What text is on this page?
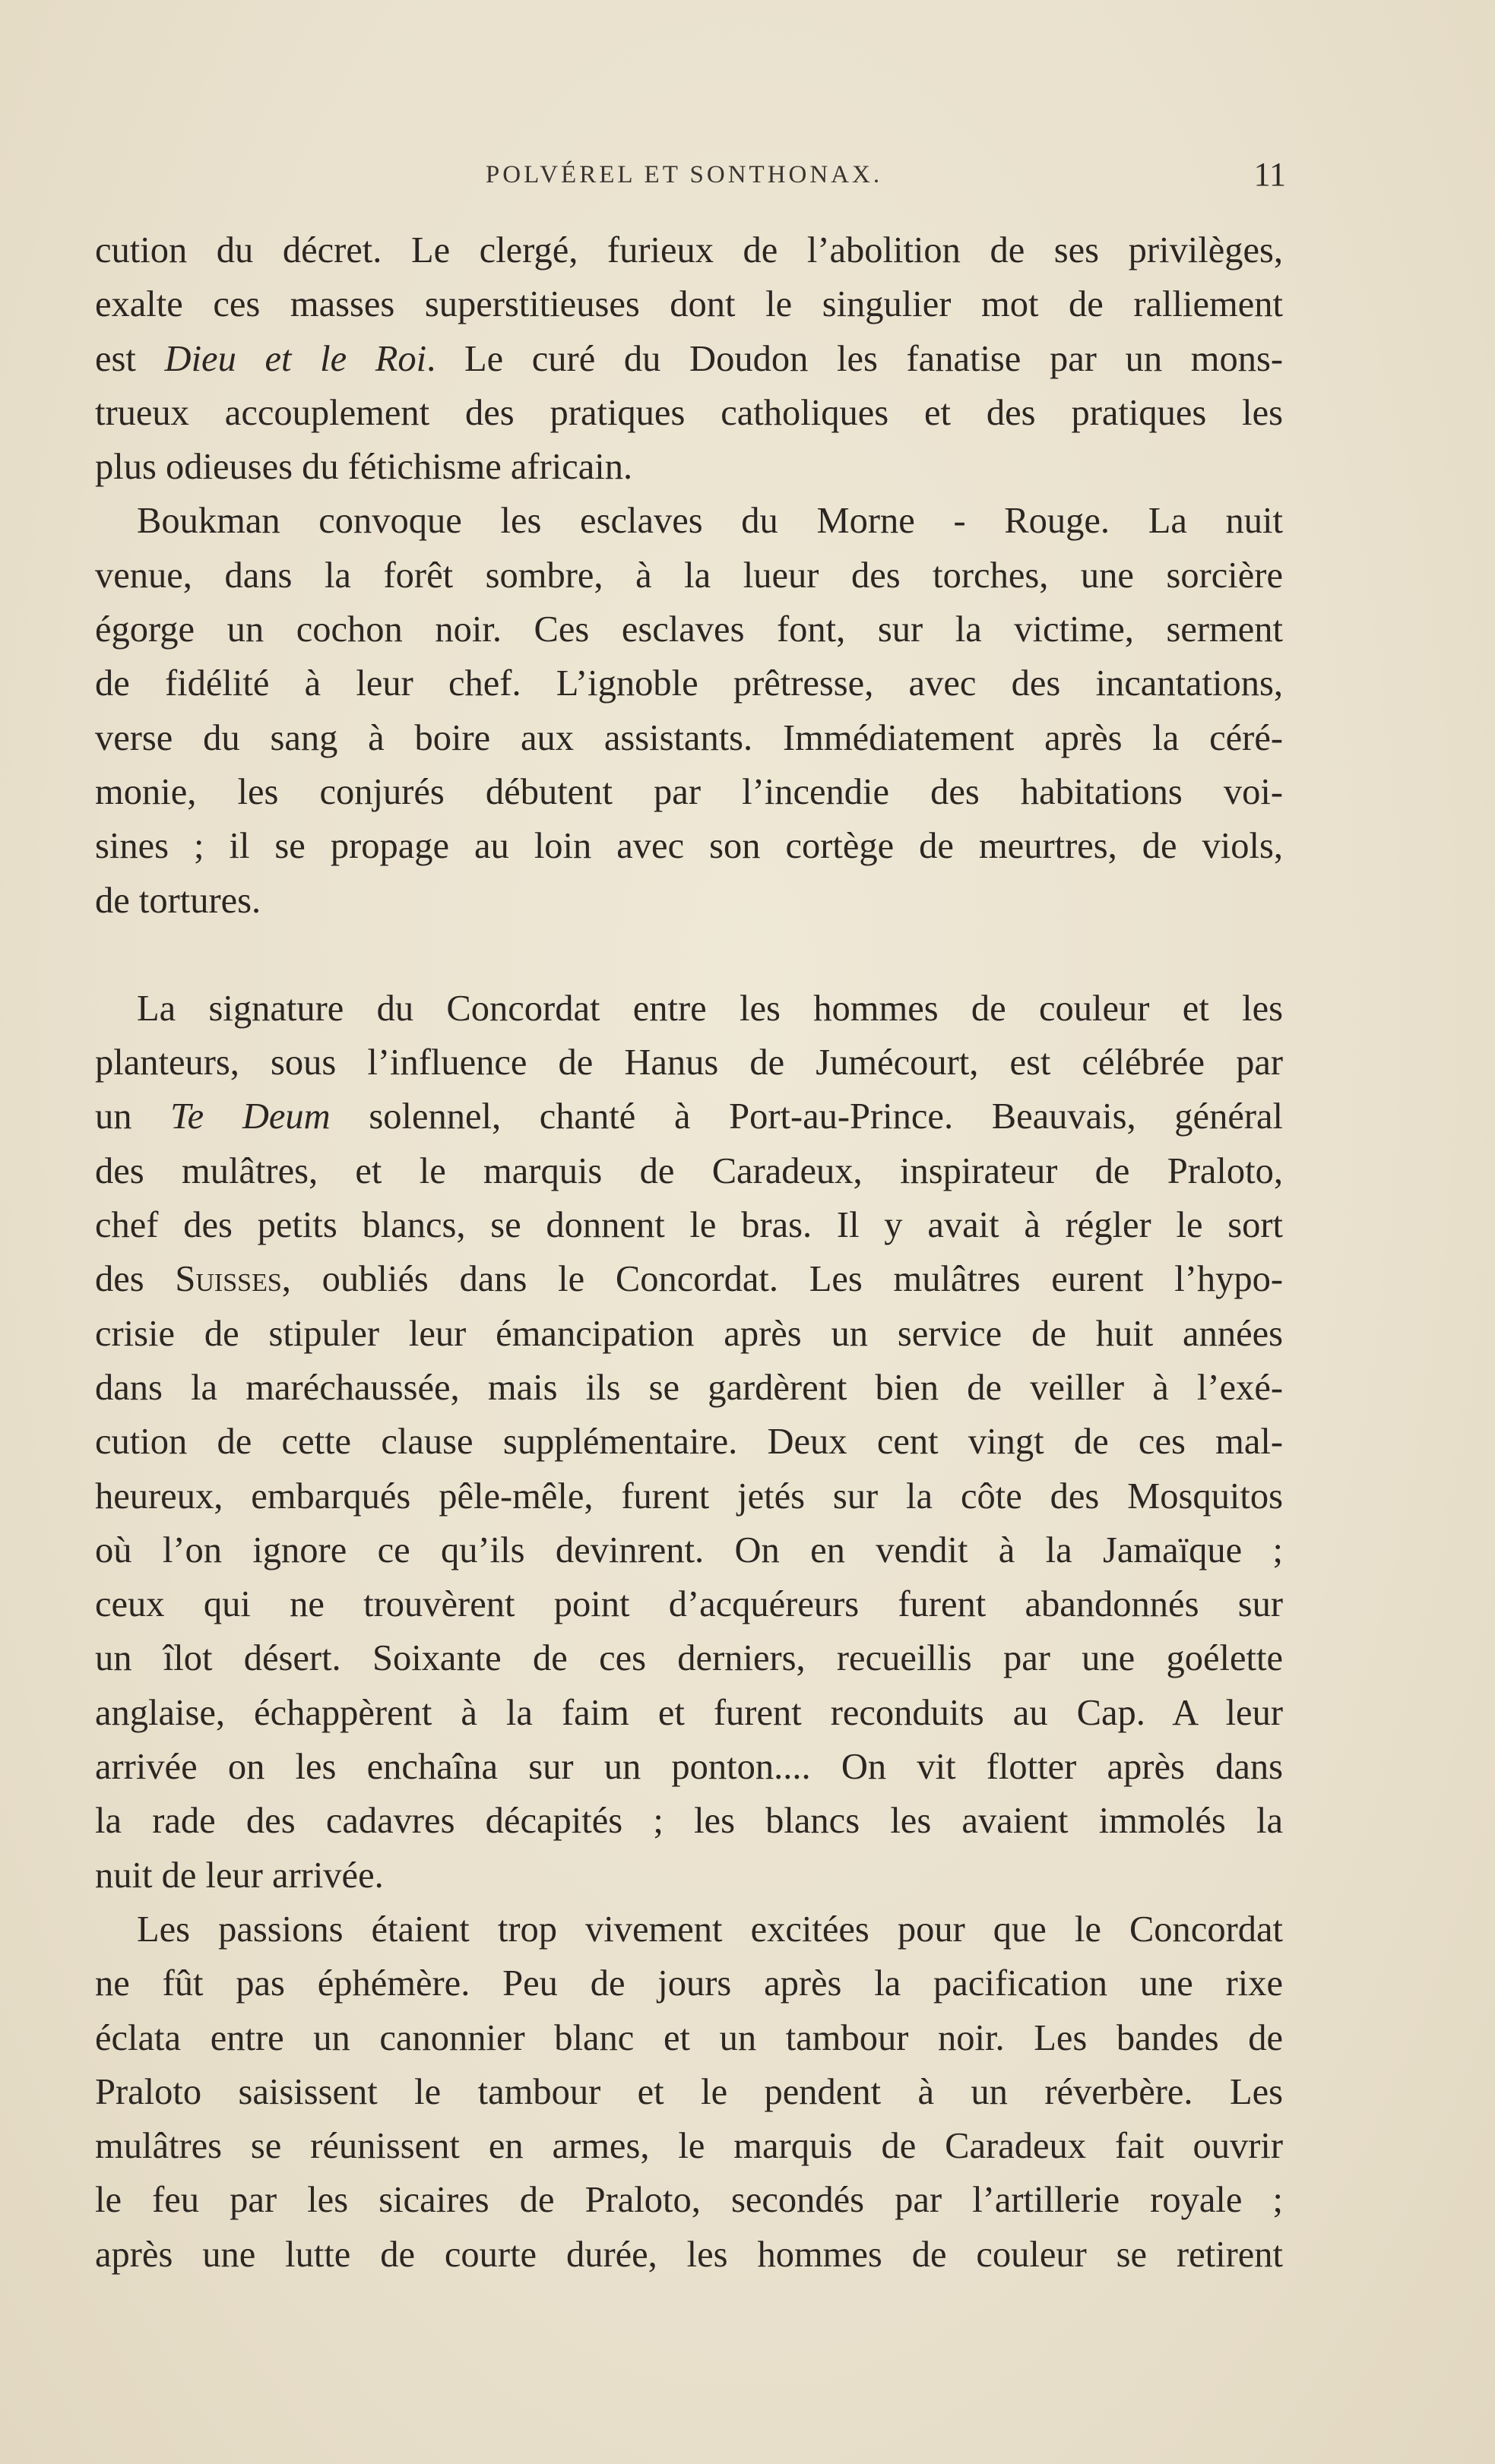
POLVÉREL ET SONTHONAX.	11
cution du décret. Le clergé, furieux de l’abolition de ses privilèges,
exalte ces masses superstitieuses dont le singulier mot de ralliement
est Dieu et le Roi. Le curé du Doudon les fanatise par un mons-
trueux accouplement des pratiques catholiques et des pratiques les
plus odieuses du fétichisme africain.
Boukman convoque les esclaves du Morne - Rouge. La nuit
venue, dans la forêt sombre, à la lueur des torches, une sorcière
égorge un cochon noir. Ces esclaves font, sur la victime, serment
de fidélité à leur chef. L’ignoble prêtresse, avec des incantations,
verse du sang à boire aux assistants. Immédiatement après la céré-
monie, les conjurés débutent par l’incendie des habitations voi-
sines ; il se propage au loin avec son cortège de meurtres, de viols,
de tortures.
La signature du Concordat entre les hommes de couleur et les
planteurs, sous l’influence de Hanus de Jumécourt, est célébrée par
un Te Deum solennel, chanté à Port-au-Prince. Beauvais, général
des mulâtres, et le marquis de Caradeux, inspirateur de Praloto,
chef des petits blancs, se donnent le bras. Il y avait à régler le sort
des Suisses, oubliés dans le Concordat. Les mulâtres eurent l’hypo-
crisie de stipuler leur émancipation après un service de huit années
dans la maréchaussée, mais ils se gardèrent bien de veiller à l’exé-
cution de cette clause supplémentaire. Deux cent vingt de ces mal-
heureux, embarqués pêle-mêle, furent jetés sur la côte des Mosquitos
où l’on ignore ce qu’ils devinrent. On en vendit à la Jamaïque ;
ceux qui ne trouvèrent point d’acquéreurs furent abandonnés sur
un îlot désert. Soixante de ces derniers, recueillis par une goélette
anglaise, échappèrent à la faim et furent reconduits au Cap. A leur
arrivée on les enchaîna sur un ponton.... On vit flotter après dans
la rade des cadavres décapités ; les blancs les avaient immolés la
nuit de leur arrivée.
Les passions étaient trop vivement excitées pour que le Concordat
ne fût pas éphémère. Peu de jours après la pacification une rixe
éclata entre un canonnier blanc et un tambour noir. Les bandes de
Praloto saisissent le tambour et le pendent à un réverbère. Les
mulâtres se réunissent en armes, le marquis de Caradeux fait ouvrir
le feu par les sicaires de Praloto, secondés par l’artillerie royale ;
après une lutte de courte durée, les hommes de couleur se retirent
